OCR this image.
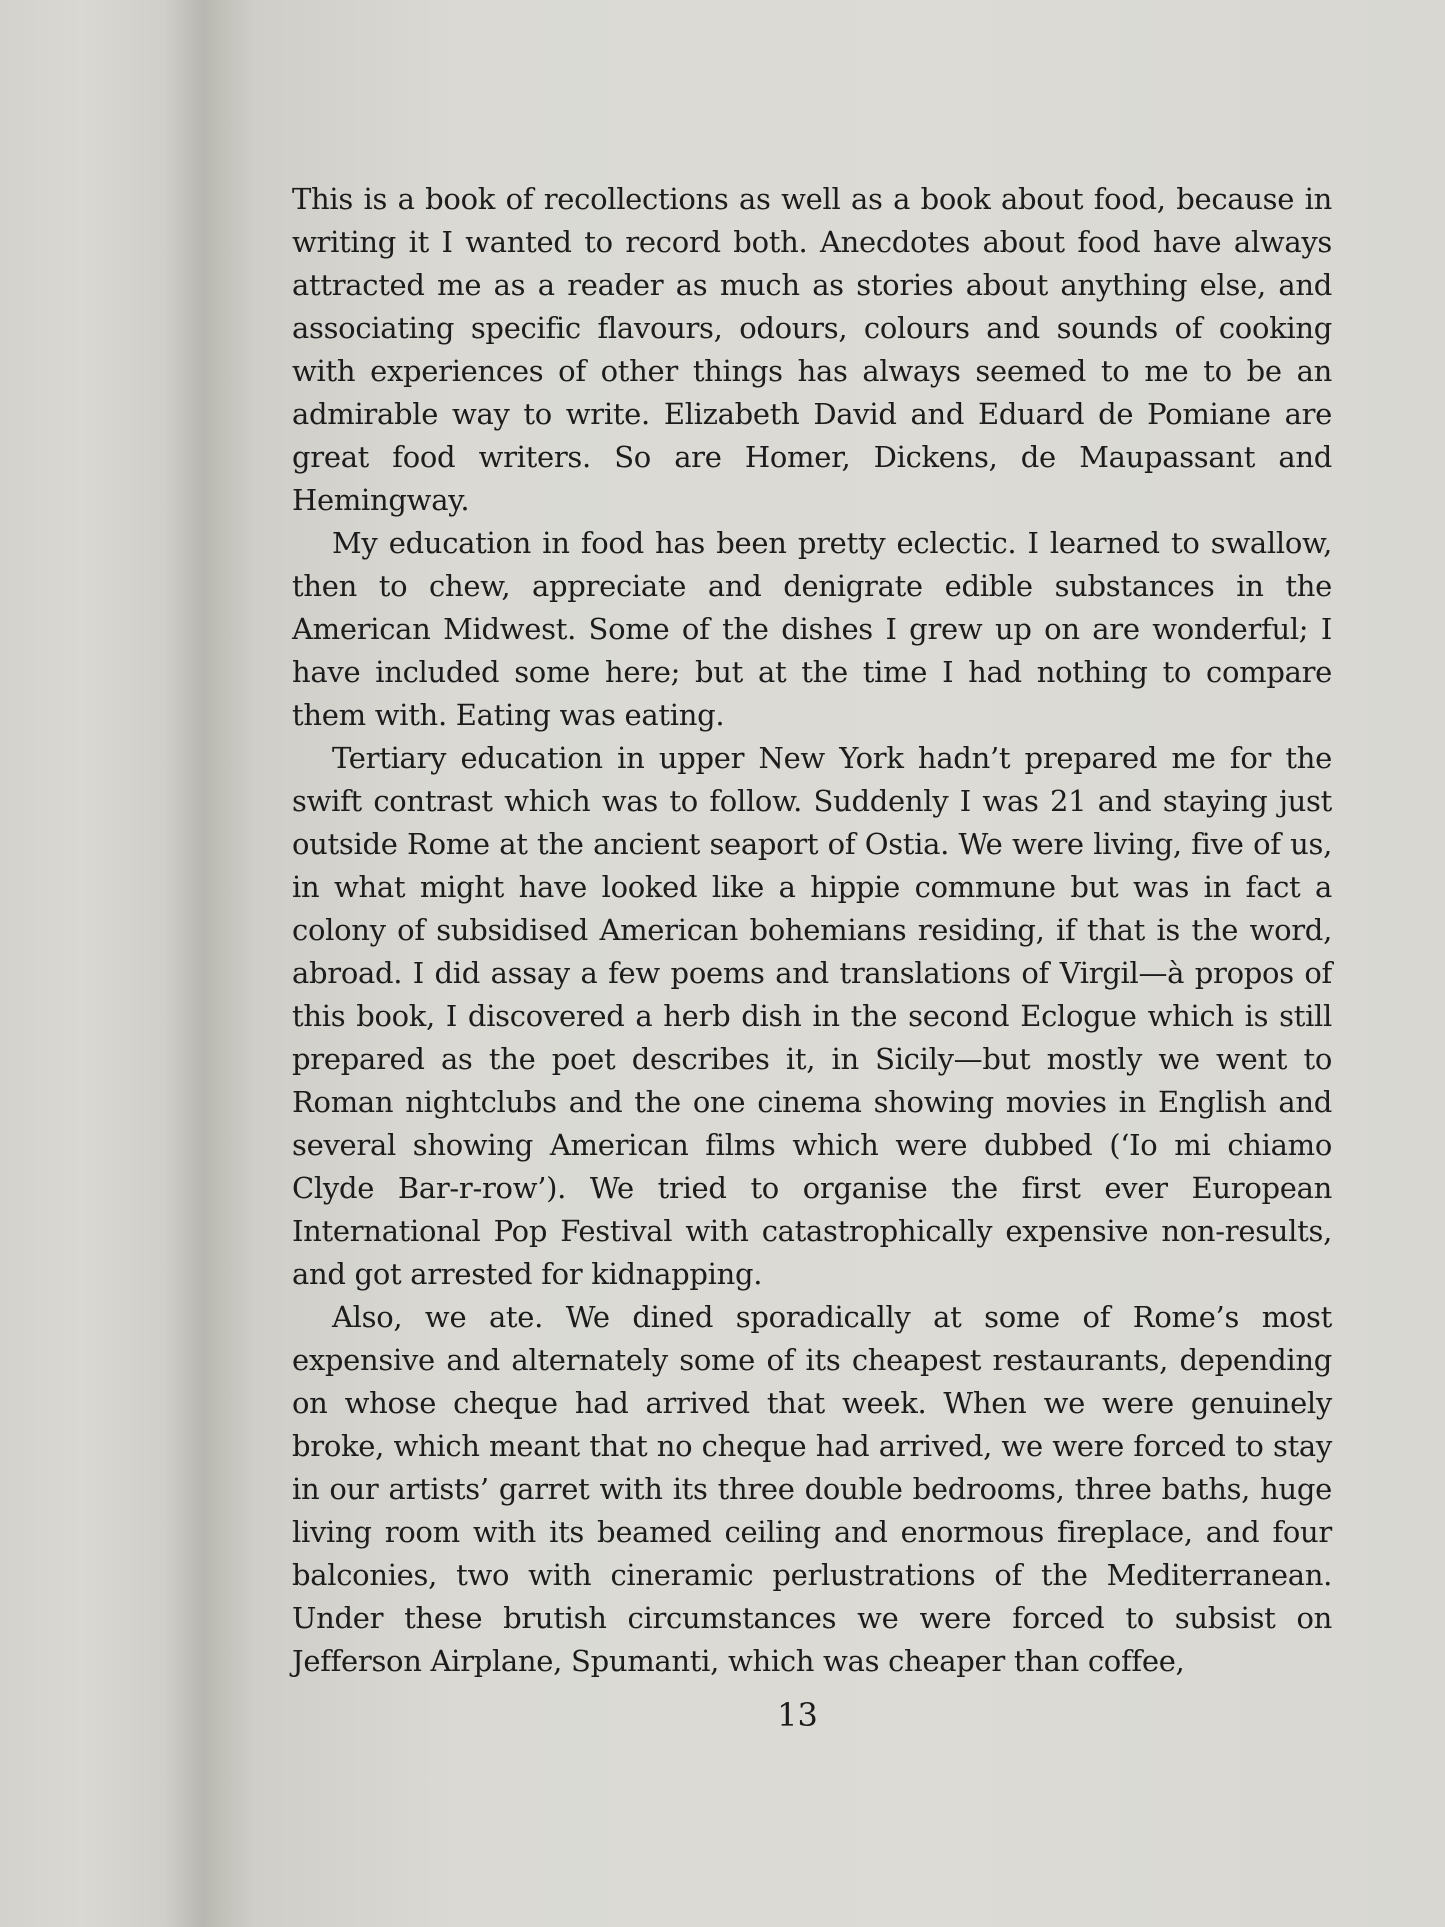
This is a book of recollections as well as a book about food, because in writing it I wanted to record both. Anecdotes about food have always attracted me as a reader as much as stories about anything else, and associating specific flavours, odours, colours and sounds of cooking with experiences of other things has always seemed to me to be an admirable way to write. Elizabeth David and Eduard de Pomiane are great food writers. So are Homer, Dickens, de Maupassant and Hemingway.

My education in food has been pretty eclectic. I learned to swallow, then to chew, appreciate and denigrate edible substances in the American Midwest. Some of the dishes I grew up on are wonderful; I have included some here; but at the time I had nothing to compare them with. Eating was eating.

Tertiary education in upper New York hadn’t prepared me for the swift contrast which was to follow. Suddenly I was 21 and staying just outside Rome at the ancient seaport of Ostia. We were living, five of us, in what might have looked like a hippie commune but was in fact a colony of subsidised American bohemians residing, if that is the word, abroad. I did assay a few poems and translations of Virgil—à propos of this book, I discovered a herb dish in the second Eclogue which is still prepared as the poet describes it, in Sicily—but mostly we went to Roman nightclubs and the one cinema showing movies in English and several showing American films which were dubbed (‘Io mi chiamo Clyde Bar-r-row’). We tried to organise the first ever European International Pop Festival with catastrophically expensive non-results, and got arrested for kidnapping.

Also, we ate. We dined sporadically at some of Rome’s most expensive and alternately some of its cheapest restaurants, depending on whose cheque had arrived that week. When we were genuinely broke, which meant that no cheque had arrived, we were forced to stay in our artists’ garret with its three double bedrooms, three baths, huge living room with its beamed ceiling and enormous fireplace, and four balconies, two with cineramic perlustrations of the Mediterranean. Under these brutish circumstances we were forced to subsist on Jefferson Airplane, Spumanti, which was cheaper than coffee,

13
